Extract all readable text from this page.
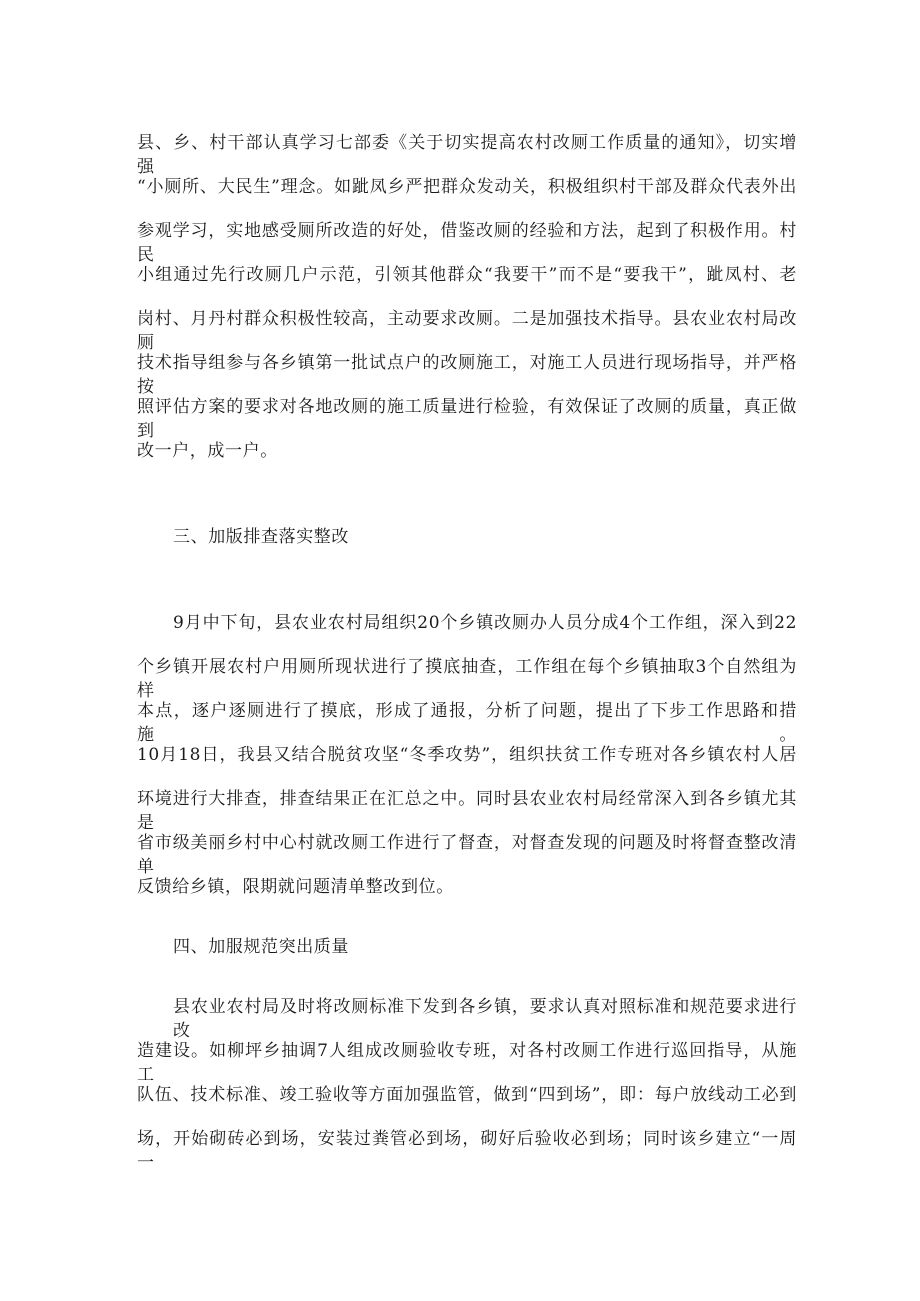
县、乡、村干部认真学习七部委《关于切实提高农村改厕工作质量的通知》，切实增强
“小厕所、大民生”理念。如跐凤乡严把群众发动关，积极组织村干部及群众代表外出
参观学习，实地感受厕所改造的好处，借鉴改厕的经验和方法，起到了积极作用。村民
小组通过先行改厕几户示范，引领其他群众“我要干”而不是“要我干”，跐凤村、老
岗村、月丹村群众积极性较高，主动要求改厕。二是加强技术指导。县农业农村局改厕
技术指导组参与各乡镇第一批试点户的改厕施工，对施工人员进行现场指导，并严格按
照评估方案的要求对各地改厕的施工质量进行检验，有效保证了改厕的质量，真正做到
改一户，成一户。
三、加版排查落实整改
9月中下旬，县农业农村局组织20个乡镇改厕办人员分成4个工作组，深入到22
个乡镇开展农村户用厕所现状进行了摸底抽查，工作组在每个乡镇抽取3个自然组为样
本点，逐户逐厕进行了摸底，形成了通报，分析了问题，提出了下步工作思路和措施。
10月18日，我县又结合脱贫攻坚“冬季攻势”，组织扶贫工作专班对各乡镇农村人居
环境进行大排查，排查结果正在汇总之中。同时县农业农村局经常深入到各乡镇尤其是
省市级美丽乡村中心村就改厕工作进行了督查，对督查发现的问题及时将督查整改清单
反馈给乡镇，限期就问题清单整改到位。
四、加服规范突出质量
县农业农村局及时将改厕标准下发到各乡镇，要求认真对照标准和规范要求进行改
造建设。如柳坪乡抽调7人组成改厕验收专班，对各村改厕工作进行巡回指导，从施工
队伍、技术标准、竣工验收等方面加强监管，做到“四到场”，即：每户放线动工必到
场，开始砌砖必到场，安装过粪管必到场，砌好后验收必到场；同时该乡建立“一周一
